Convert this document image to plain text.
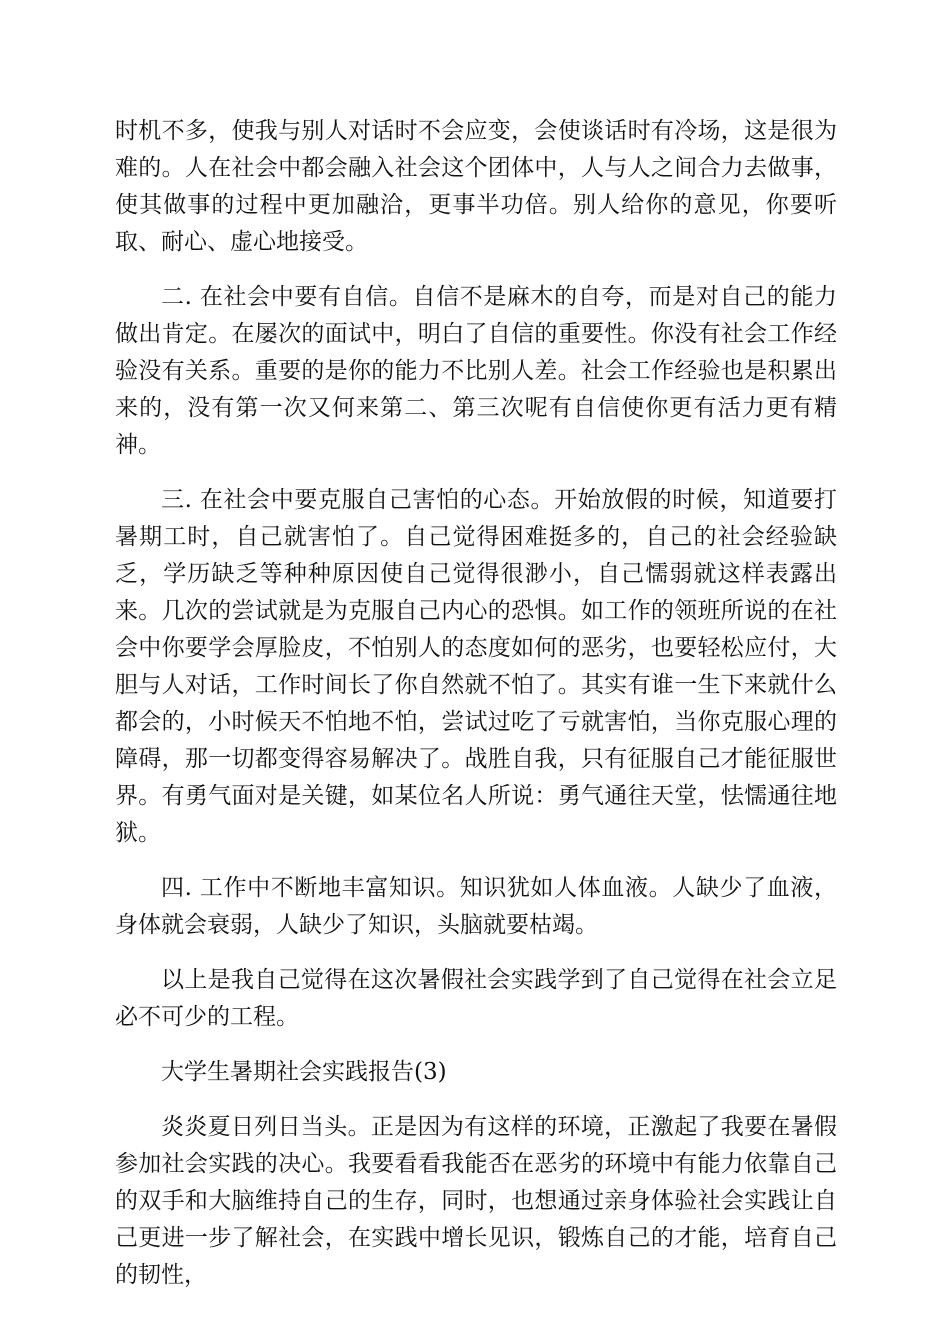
时机不多，使我与别人对话时不会应变，会使谈话时有冷场，这是很为难的。人在社会中都会融入社会这个团体中，人与人之间合力去做事，使其做事的过程中更加融洽，更事半功倍。别人给你的意见，你要听取、耐心、虚心地接受。

二. 在社会中要有自信。自信不是麻木的自夸，而是对自己的能力做出肯定。在屡次的面试中，明白了自信的重要性。你没有社会工作经验没有关系。重要的是你的能力不比别人差。社会工作经验也是积累出来的，没有第一次又何来第二、第三次呢有自信使你更有活力更有精神。

三. 在社会中要克服自己害怕的心态。开始放假的时候，知道要打暑期工时，自己就害怕了。自己觉得困难挺多的，自己的社会经验缺乏，学历缺乏等种种原因使自己觉得很渺小，自己懦弱就这样表露出来。几次的尝试就是为克服自己内心的恐惧。如工作的领班所说的在社会中你要学会厚脸皮，不怕别人的态度如何的恶劣，也要轻松应付，大胆与人对话，工作时间长了你自然就不怕了。其实有谁一生下来就什么都会的，小时候天不怕地不怕，尝试过吃了亏就害怕，当你克服心理的障碍，那一切都变得容易解决了。战胜自我，只有征服自己才能征服世界。有勇气面对是关键，如某位名人所说：勇气通往天堂，怯懦通往地狱。

四. 工作中不断地丰富知识。知识犹如人体血液。人缺少了血液，身体就会衰弱，人缺少了知识，头脑就要枯竭。

以上是我自己觉得在这次暑假社会实践学到了自己觉得在社会立足必不可少的工程。

大学生暑期社会实践报告(3)

炎炎夏日列日当头。正是因为有这样的环境，正激起了我要在暑假参加社会实践的决心。我要看看我能否在恶劣的环境中有能力依靠自己的双手和大脑维持自己的生存，同时，也想通过亲身体验社会实践让自己更进一步了解社会，在实践中增长见识，锻炼自己的才能，培育自己的韧性，
